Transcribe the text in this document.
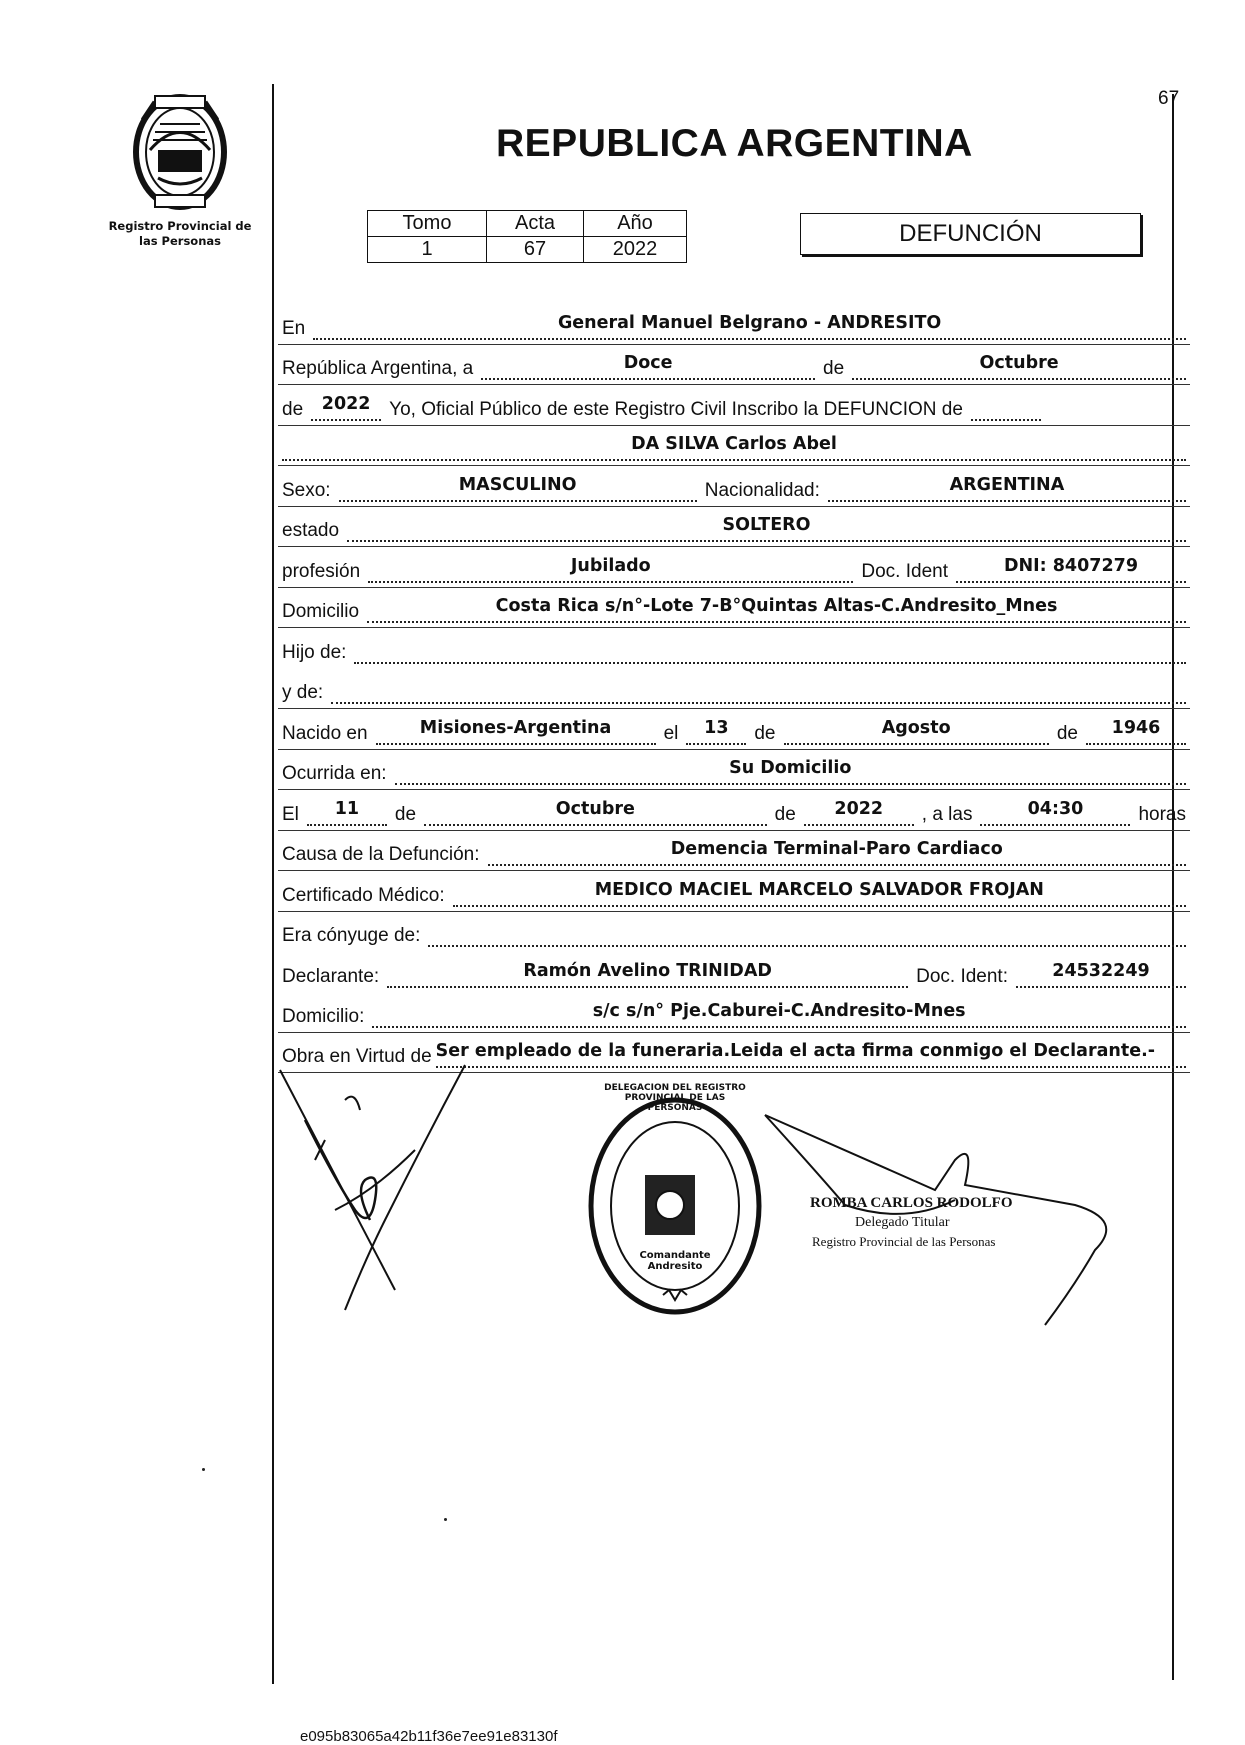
67
Registro Provincial de
las Personas
REPUBLICA ARGENTINA
Tomo	Acta	Año
1	67	2022
DEFUNCIÓN
En	General Manuel Belgrano - ANDRESITO
República Argentina, a	Doce	de	Octubre
de	2022 Yo, Oficial Público de este Registro Civil Inscribo la DEFUNCION de
DA SILVA Carlos Abel
Sexo:	MASCULINO	Nacionalidad:	ARGENTINA
estado	SOLTERO
profesión	Jubilado	Doc. Ident	DNI: 8407279
Domicilio	Costa Rica s/n°-Lote 7-B°Quintas Altas-C.Andresito_Mnes
Hijo de:
y de:
Nacido en	Misiones-Argentina	el	13	de	Agosto	de	1946
Ocurrida en:	Su Domicilio
El	11	de	Octubre	de	2022	, a las	04:30	horas
Causa de la Defunción:	Demencia Terminal-Paro Cardiaco
Certificado Médico:	MEDICO MACIEL MARCELO SALVADOR FROJAN
Era cónyuge de:
Declarante:	Ramón Avelino TRINIDAD	Doc. Ident:	24532249
Domicilio:	s/c s/n° Pje.Caburei-C.Andresito-Mnes
Obra en Virtud de Ser empleado de la funeraria.Leida el acta firma conmigo el Declarante.-
DELEGACION DEL REGISTRO PROVINCIAL DE LAS PERSONAS
Comandante Andresito
ROMBA CARLOS RODOLFO
Delegado Titular
Registro Provincial de las Personas
e095b83065a42b11f36e7ee91e83130f
